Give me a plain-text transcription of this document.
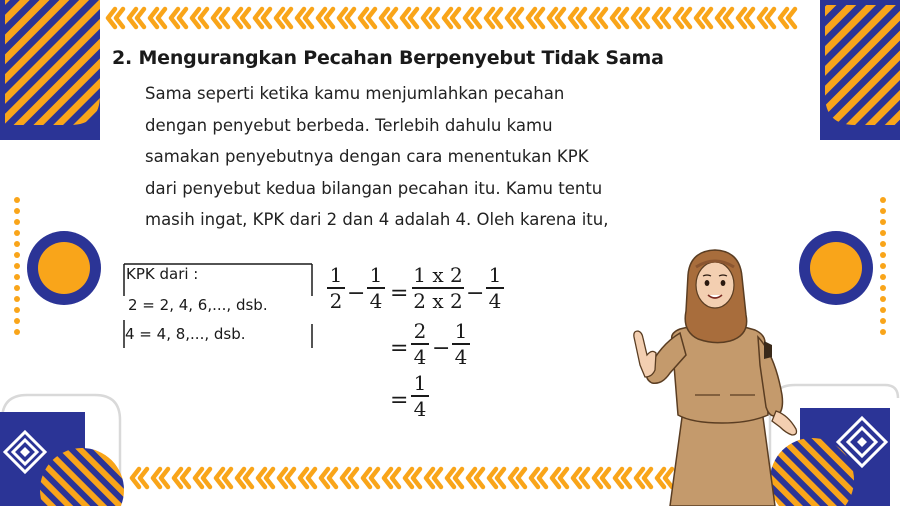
2. Mengurangkan Pecahan Berpenyebut Tidak Sama
Sama seperti ketika kamu menjumlahkan pecahan
dengan penyebut berbeda. Terlebih dahulu kamu
samakan penyebutnya dengan cara menentukan KPK
dari penyebut kedua bilangan pecahan itu. Kamu tentu
masih ingat, KPK dari 2 dan 4 adalah 4. Oleh karena itu,
KPK dari :
2 = 2, 4, 6,..., dsb.
4 = 4, 8,..., dsb.
1
2 −
1
4 =
1 x 2
2 x 2 −
1
4
=
2
4 −
1
4
=
1
4
